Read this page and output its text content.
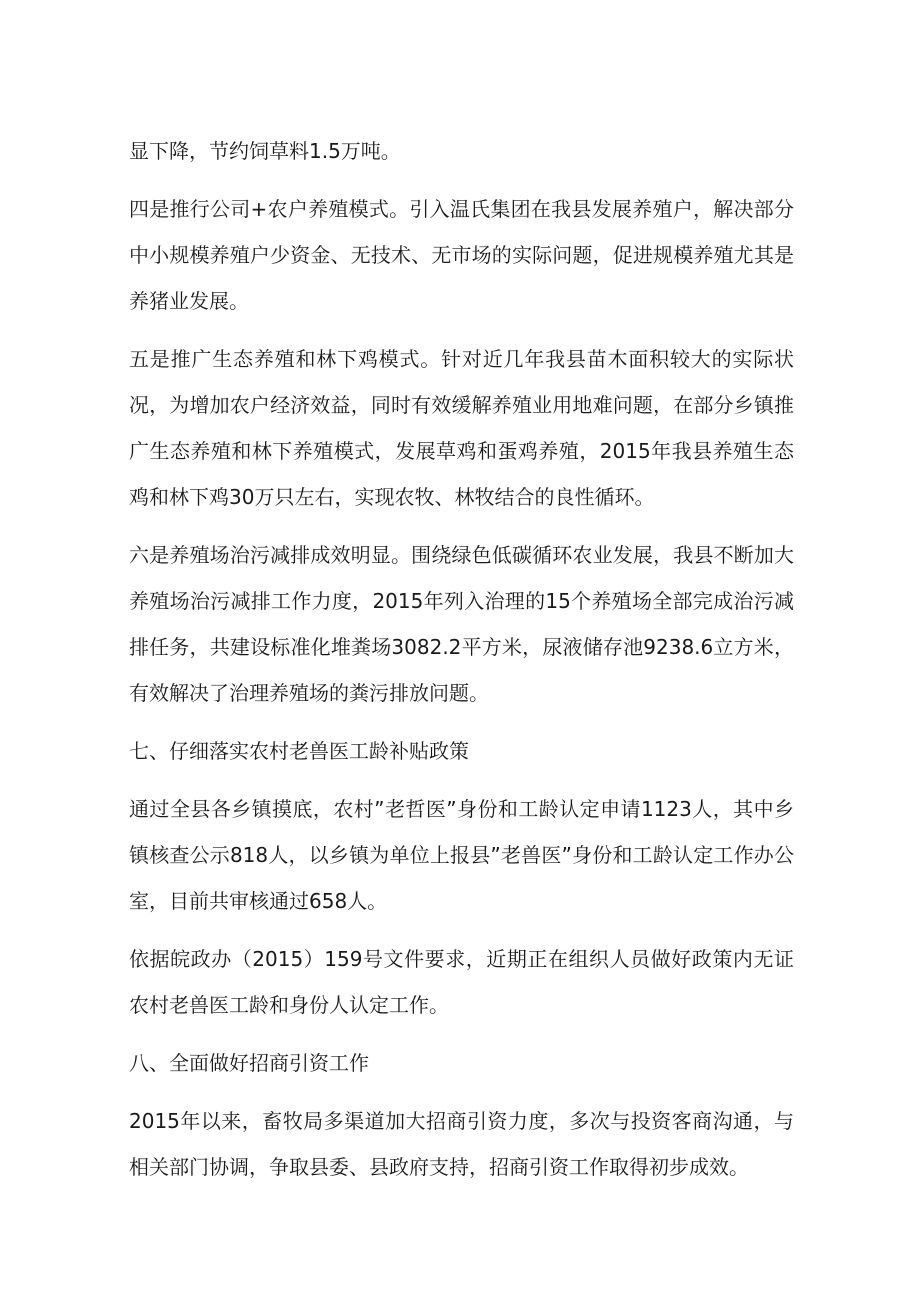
显下降，节约饲草料1.5万吨。

四是推行公司+农户养殖模式。引入温氏集团在我县发展养殖户，解决部分中小规模养殖户少资金、无技术、无市场的实际问题，促进规模养殖尤其是养猪业发展。

五是推广生态养殖和林下鸡模式。针对近几年我县苗木面积较大的实际状况，为增加农户经济效益，同时有效缓解养殖业用地难问题，在部分乡镇推广生态养殖和林下养殖模式，发展草鸡和蛋鸡养殖，2015年我县养殖生态鸡和林下鸡30万只左右，实现农牧、林牧结合的良性循环。

六是养殖场治污减排成效明显。围绕绿色低碳循环农业发展，我县不断加大养殖场治污减排工作力度，2015年列入治理的15个养殖场全部完成治污减排任务，共建设标准化堆粪场3082.2平方米，尿液储存池9238.6立方米，有效解决了治理养殖场的粪污排放问题。

七、仔细落实农村老兽医工龄补贴政策

通过全县各乡镇摸底，农村”老哲医”身份和工龄认定申请1123人，其中乡镇核查公示818人，以乡镇为单位上报县”老兽医”身份和工龄认定工作办公室，目前共审核通过658人。

依据皖政办（2015）159号文件要求，近期正在组织人员做好政策内无证农村老兽医工龄和身份人认定工作。

八、全面做好招商引资工作

2015年以来，畜牧局多渠道加大招商引资力度，多次与投资客商沟通，与相关部门协调，争取县委、县政府支持，招商引资工作取得初步成效。
